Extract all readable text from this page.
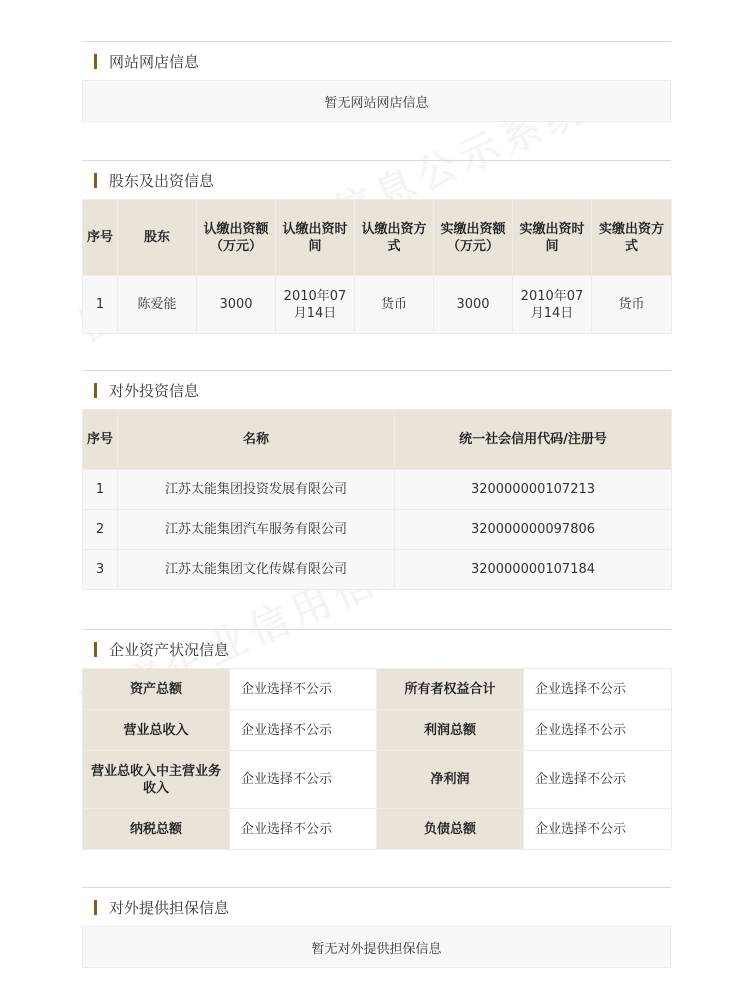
网站网店信息
暂无网站网店信息
股东及出资信息
序号	股东	认缴出资额（万元）	认缴出资时间	认缴出资方式	实缴出资额（万元）	实缴出资时间	实缴出资方式
1	陈爱能	3000	2010年07月14日	货币	3000	2010年07月14日	货币
对外投资信息
序号	名称	统一社会信用代码/注册号
1	江苏太能集团投资发展有限公司	320000000107213
2	江苏太能集团汽车服务有限公司	320000000097806
3	江苏太能集团文化传媒有限公司	320000000107184
企业资产状况信息
资产总额	企业选择不公示	所有者权益合计	企业选择不公示
营业总收入	企业选择不公示	利润总额	企业选择不公示
营业总收入中主营业务收入	企业选择不公示	净利润	企业选择不公示
纳税总额	企业选择不公示	负债总额	企业选择不公示
对外提供担保信息
暂无对外提供担保信息
